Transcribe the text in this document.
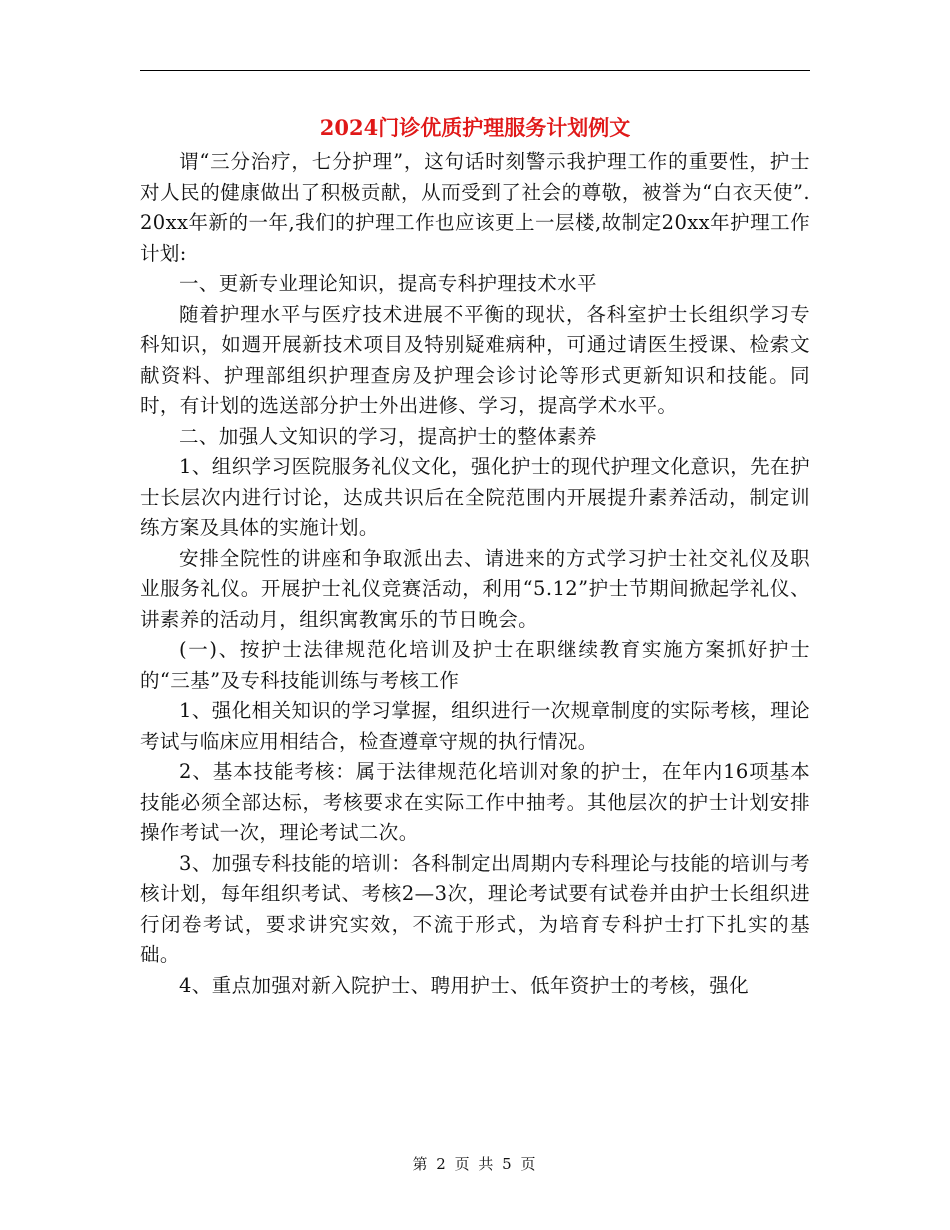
2024门诊优质护理服务计划例文

谓“三分治疗，七分护理”，这句话时刻警示我护理工作的重要性，护士对人民的健康做出了积极贡献，从而受到了社会的尊敬，被誉为“白衣天使”.20xx年新的一年,我们的护理工作也应该更上一层楼,故制定20xx年护理工作计划:

一、更新专业理论知识，提高专科护理技术水平

随着护理水平与医疗技术进展不平衡的现状，各科室护士长组织学习专科知识，如週开展新技术项目及特别疑难病种，可通过请医生授课、检索文献资料、护理部组织护理查房及护理会诊讨论等形式更新知识和技能。同时，有计划的选送部分护士外出进修、学习，提高学术水平。

二、加强人文知识的学习，提高护士的整体素养

1、组织学习医院服务礼仪文化，强化护士的现代护理文化意识，先在护士长层次内进行讨论，达成共识后在全院范围内开展提升素养活动，制定训练方案及具体的实施计划。

安排全院性的讲座和争取派出去、请进来的方式学习护士社交礼仪及职业服务礼仪。开展护士礼仪竞赛活动，利用“5.12”护士节期间掀起学礼仪、讲素养的活动月，组织寓教寓乐的节日晚会。

(一)、按护士法律规范化培训及护士在职继续教育实施方案抓好护士的“三基”及专科技能训练与考核工作

1、强化相关知识的学习掌握，组织进行一次规章制度的实际考核，理论考试与临床应用相结合，检查遵章守规的执行情况。

2、基本技能考核：属于法律规范化培训对象的护士，在年内16项基本技能必须全部达标，考核要求在实际工作中抽考。其他层次的护士计划安排操作考试一次，理论考试二次。

3、加强专科技能的培训：各科制定出周期内专科理论与技能的培训与考核计划，每年组织考试、考核2—3次，理论考试要有试卷并由护士长组织进行闭卷考试，要求讲究实效，不流于形式，为培育专科护士打下扎实的基础。

4、重点加强对新入院护士、聘用护士、低年资护士的考核，强化

第 2 页 共 5 页
